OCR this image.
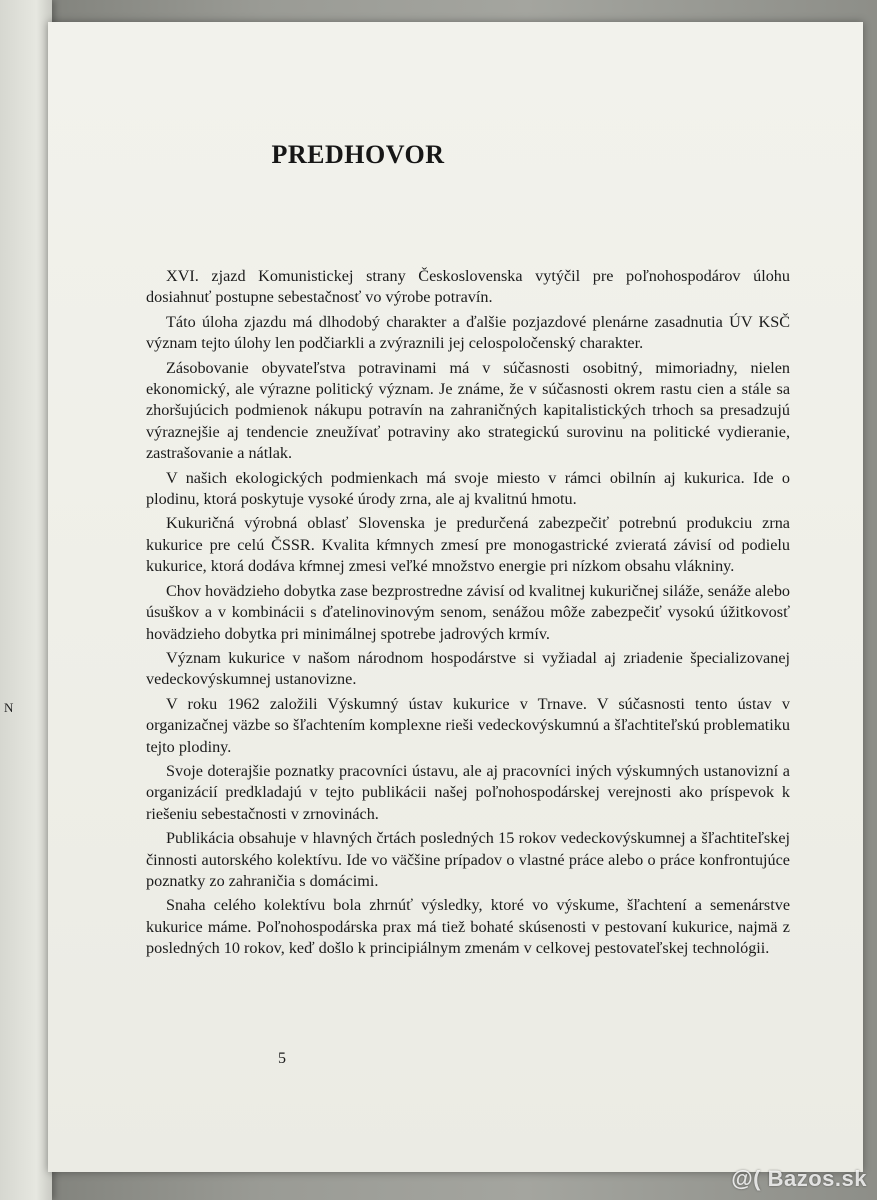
N
PREDHOVOR

XVI. zjazd Komunistickej strany Československa vytýčil pre poľnohospodárov úlohu dosiahnuť postupne sebestačnosť vo výrobe potravín.

Táto úloha zjazdu má dlhodobý charakter a ďalšie pozjazdové plenárne zasadnutia ÚV KSČ význam tejto úlohy len podčiarkli a zvýraznili jej celospoločenský charakter.

Zásobovanie obyvateľstva potravinami má v súčasnosti osobitný, mimoriadny, nielen ekonomický, ale výrazne politický význam. Je známe, že v súčasnosti okrem rastu cien a stále sa zhoršujúcich podmienok nákupu potravín na zahraničných kapitalistických trhoch sa presadzujú výraznejšie aj tendencie zneužívať potraviny ako strategickú surovinu na politické vydieranie, zastrašovanie a nátlak.

V našich ekologických podmienkach má svoje miesto v rámci obilnín aj kukurica. Ide o plodinu, ktorá poskytuje vysoké úrody zrna, ale aj kvalitnú hmotu.

Kukuričná výrobná oblasť Slovenska je predurčená zabezpečiť potrebnú produkciu zrna kukurice pre celú ČSSR. Kvalita kŕmnych zmesí pre monogastrické zvieratá závisí od podielu kukurice, ktorá dodáva kŕmnej zmesi veľké množstvo energie pri nízkom obsahu vlákniny.

Chov hovädzieho dobytka zase bezprostredne závisí od kvalitnej kukuričnej siláže, senáže alebo úsuškov a v kombinácii s ďatelinovinovým senom, senážou môže zabezpečiť vysokú úžitkovosť hovädzieho dobytka pri minimálnej spotrebe jadrových krmív.

Význam kukurice v našom národnom hospodárstve si vyžiadal aj zriadenie špecializovanej vedeckovýskumnej ustanovizne.

V roku 1962 založili Výskumný ústav kukurice v Trnave. V súčasnosti tento ústav v organizačnej väzbe so šľachtením komplexne rieši vedeckovýskumnú a šľachtiteľskú problematiku tejto plodiny.

Svoje doterajšie poznatky pracovníci ústavu, ale aj pracovníci iných výskumných ustanovizní a organizácií predkladajú v tejto publikácii našej poľnohospodárskej verejnosti ako príspevok k riešeniu sebestačnosti v zrnovinách.

Publikácia obsahuje v hlavných črtách posledných 15 rokov vedeckovýskumnej a šľachtiteľskej činnosti autorského kolektívu. Ide vo väčšine prípadov o vlastné práce alebo o práce konfrontujúce poznatky zo zahraničia s domácimi.

Snaha celého kolektívu bola zhrnúť výsledky, ktoré vo výskume, šľachtení a semenárstve kukurice máme. Poľnohospodárska prax má tiež bohaté skúsenosti v pestovaní kukurice, najmä z posledných 10 rokov, keď došlo k principiálnym zmenám v celkovej pestovateľskej technológii.

5
@( Bazos.sk
